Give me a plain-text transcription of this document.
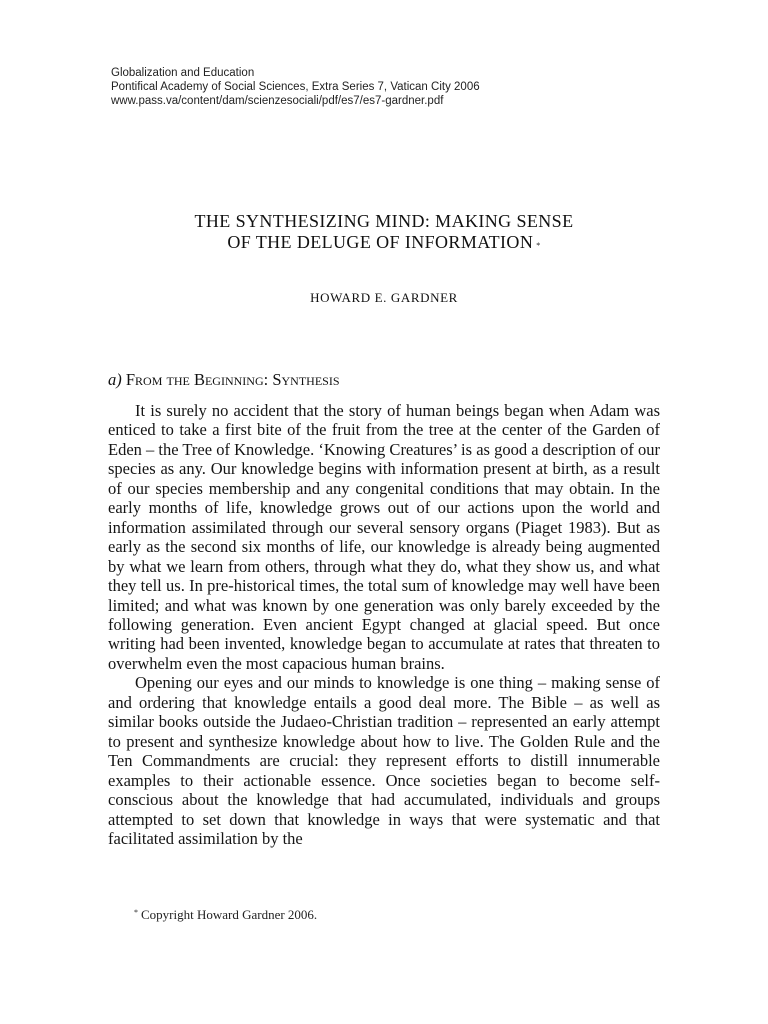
Globalization and Education
Pontifical Academy of Social Sciences, Extra Series 7, Vatican City 2006
www.pass.va/content/dam/scienzesociali/pdf/es7/es7-gardner.pdf
THE SYNTHESIZING MIND: MAKING SENSE
OF THE DELUGE OF INFORMATION *
HOWARD E. GARDNER
a) From the Beginning: Synthesis

It is surely no accident that the story of human beings began when Adam was enticed to take a first bite of the fruit from the tree at the center of the Garden of Eden – the Tree of Knowledge. ‘Knowing Creatures’ is as good a description of our species as any. Our knowledge begins with information present at birth, as a result of our species membership and any congenital conditions that may obtain. In the early months of life, knowledge grows out of our actions upon the world and information assimilated through our several sensory organs (Piaget 1983). But as early as the second six months of life, our knowledge is already being augmented by what we learn from others, through what they do, what they show us, and what they tell us. In pre-historical times, the total sum of knowledge may well have been limited; and what was known by one generation was only barely exceeded by the following generation. Even ancient Egypt changed at glacial speed. But once writing had been invented, knowledge began to accumulate at rates that threaten to overwhelm even the most capacious human brains.

Opening our eyes and our minds to knowledge is one thing – making sense of and ordering that knowledge entails a good deal more. The Bible – as well as similar books outside the Judaeo-Christian tradition – represented an early attempt to present and synthesize knowledge about how to live. The Golden Rule and the Ten Commandments are crucial: they represent efforts to distill innumerable examples to their actionable essence. Once societies began to become self-conscious about the knowledge that had accumulated, individuals and groups attempted to set down that knowledge in ways that were systematic and that facilitated assimilation by the

* Copyright Howard Gardner 2006.
